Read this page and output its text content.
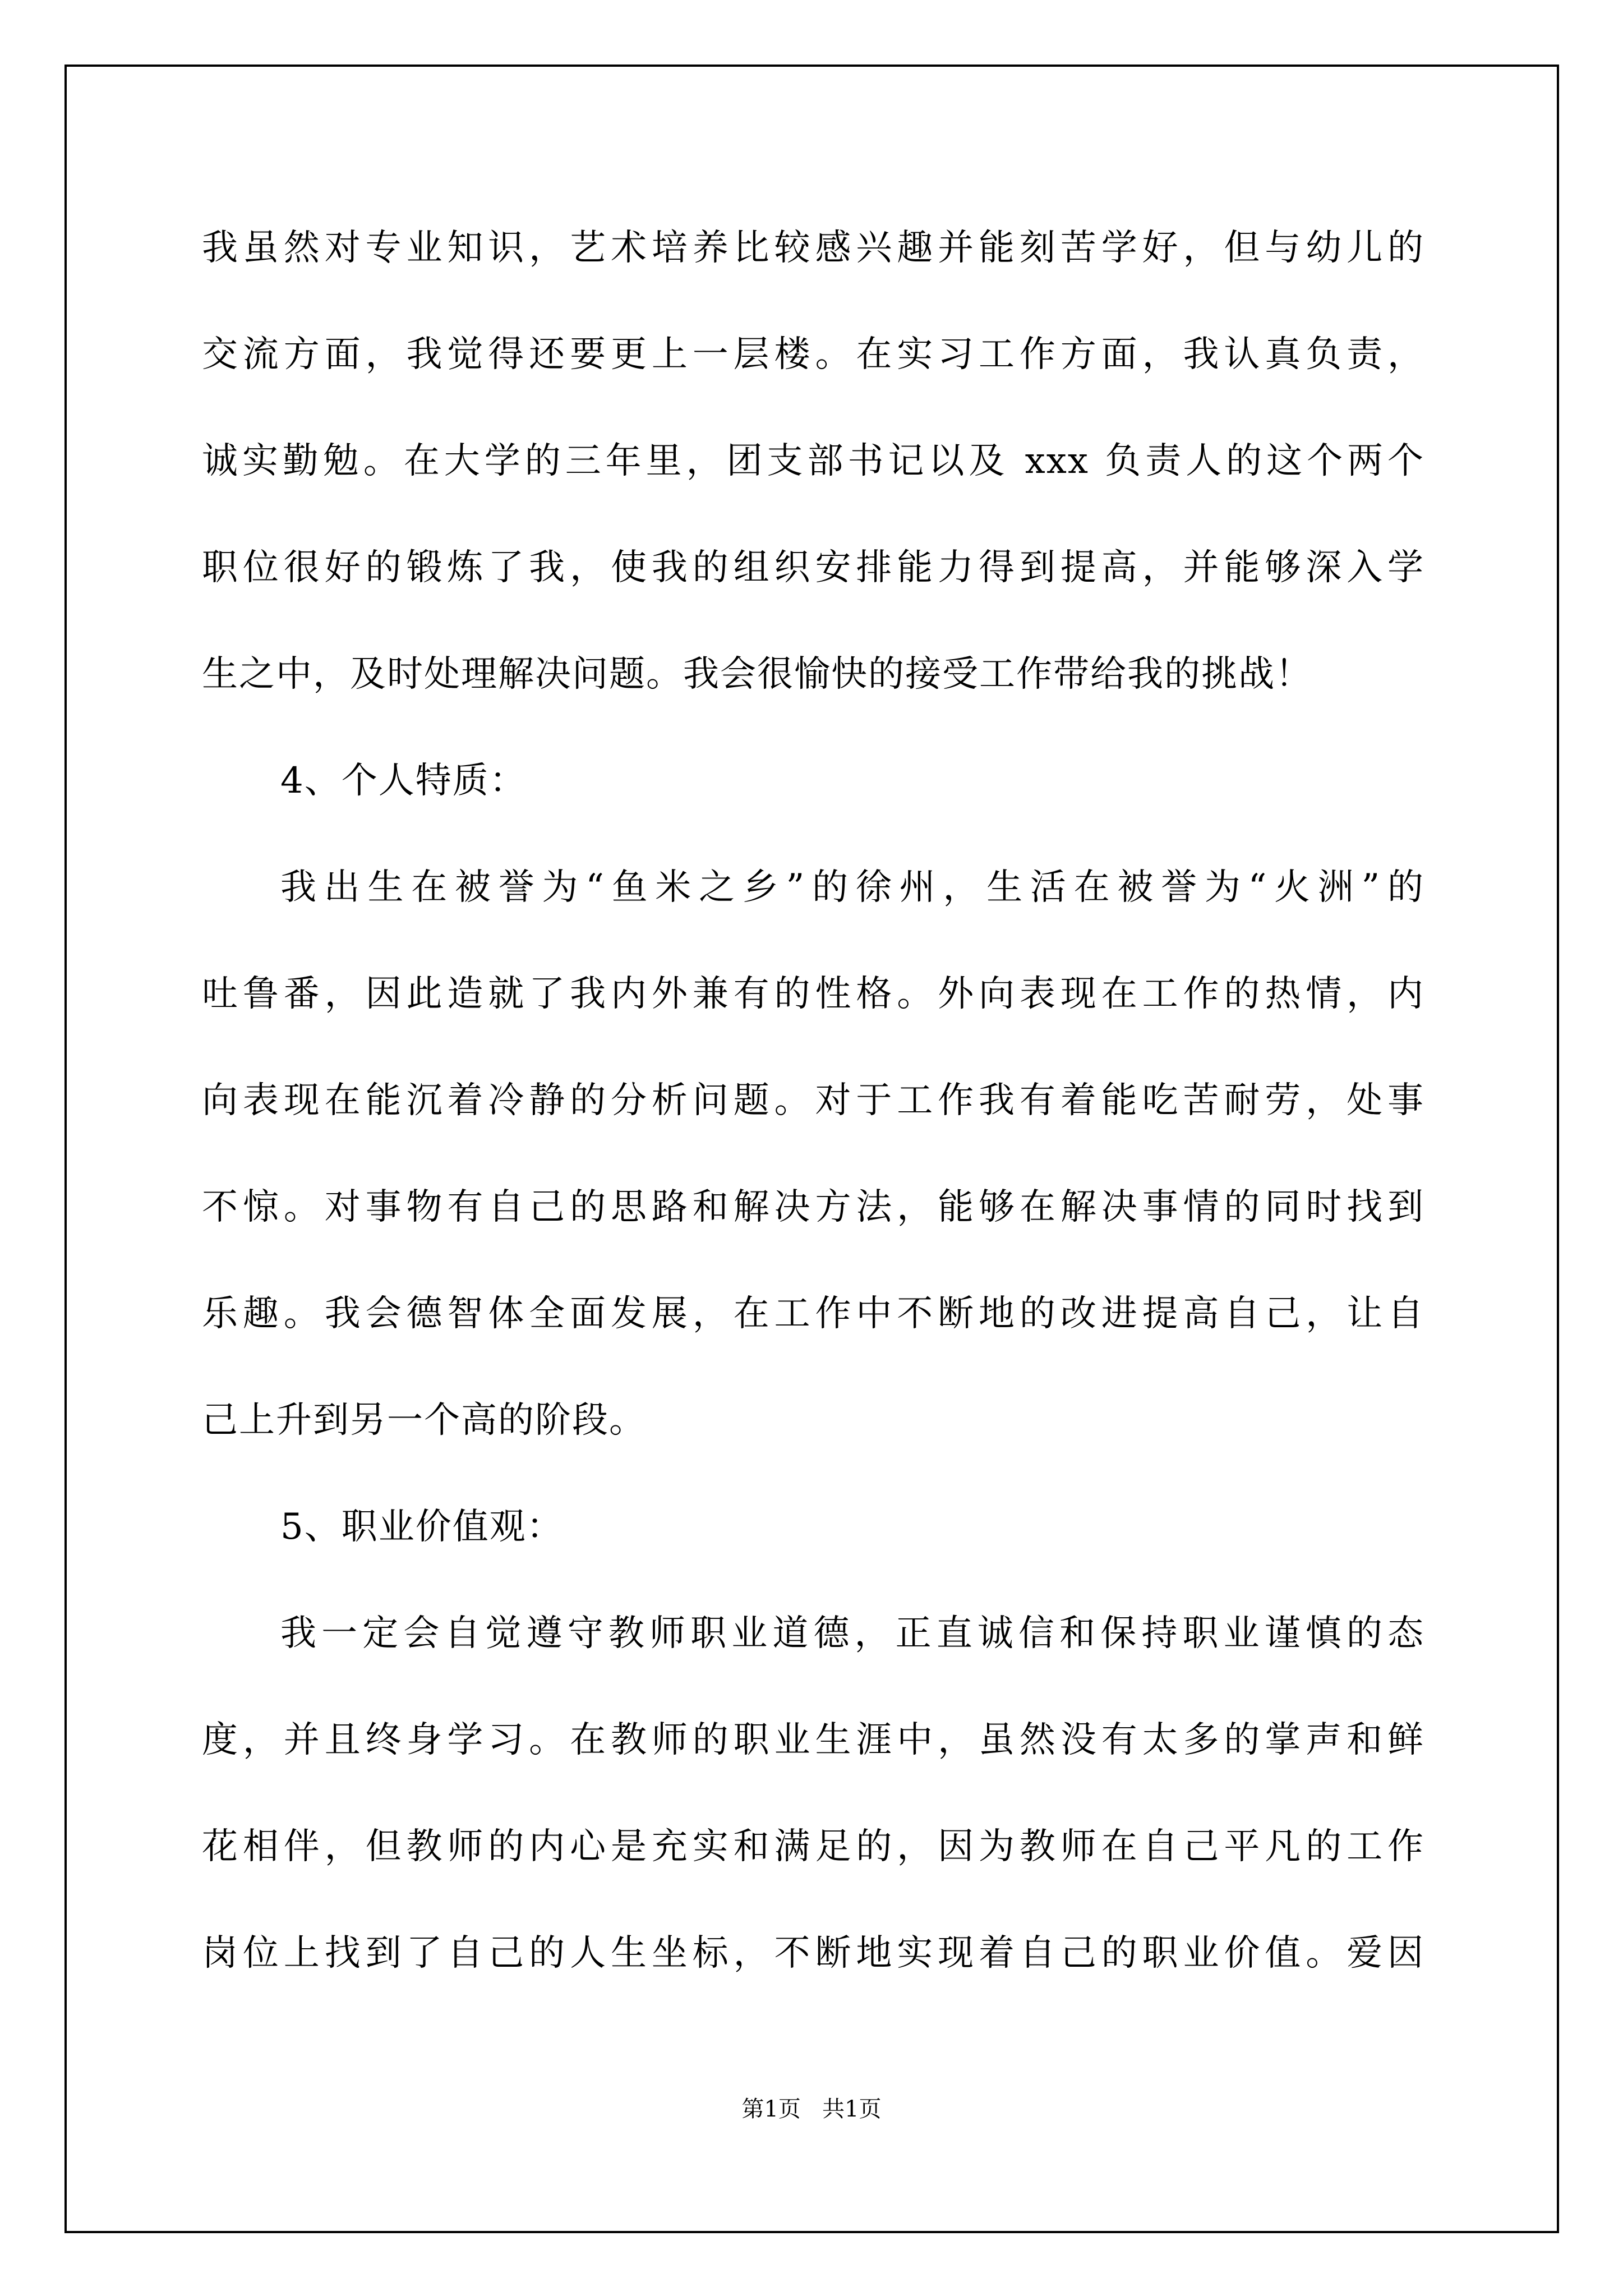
我虽然对专业知识，艺术培养比较感兴趣并能刻苦学好，但与幼儿的
交流方面，我觉得还要更上一层楼。在实习工作方面，我认真负责，
诚实勤勉。在大学的三年里，团支部书记以及 xxx 负责人的这个两个
职位很好的锻炼了我，使我的组织安排能力得到提高，并能够深入学
生之中，及时处理解决问题。我会很愉快的接受工作带给我的挑战！
4、个人特质：
我出生在被誉为“鱼米之乡”的徐州，生活在被誉为“火洲”的
吐鲁番，因此造就了我内外兼有的性格。外向表现在工作的热情，内
向表现在能沉着冷静的分析问题。对于工作我有着能吃苦耐劳，处事
不惊。对事物有自己的思路和解决方法，能够在解决事情的同时找到
乐趣。我会德智体全面发展，在工作中不断地的改进提高自己，让自
己上升到另一个高的阶段。
5、职业价值观：
我一定会自觉遵守教师职业道德，正直诚信和保持职业谨慎的态
度，并且终身学习。在教师的职业生涯中，虽然没有太多的掌声和鲜
花相伴，但教师的内心是充实和满足的，因为教师在自己平凡的工作
岗位上找到了自己的人生坐标，不断地实现着自己的职业价值。爱因
第1页   共1页
